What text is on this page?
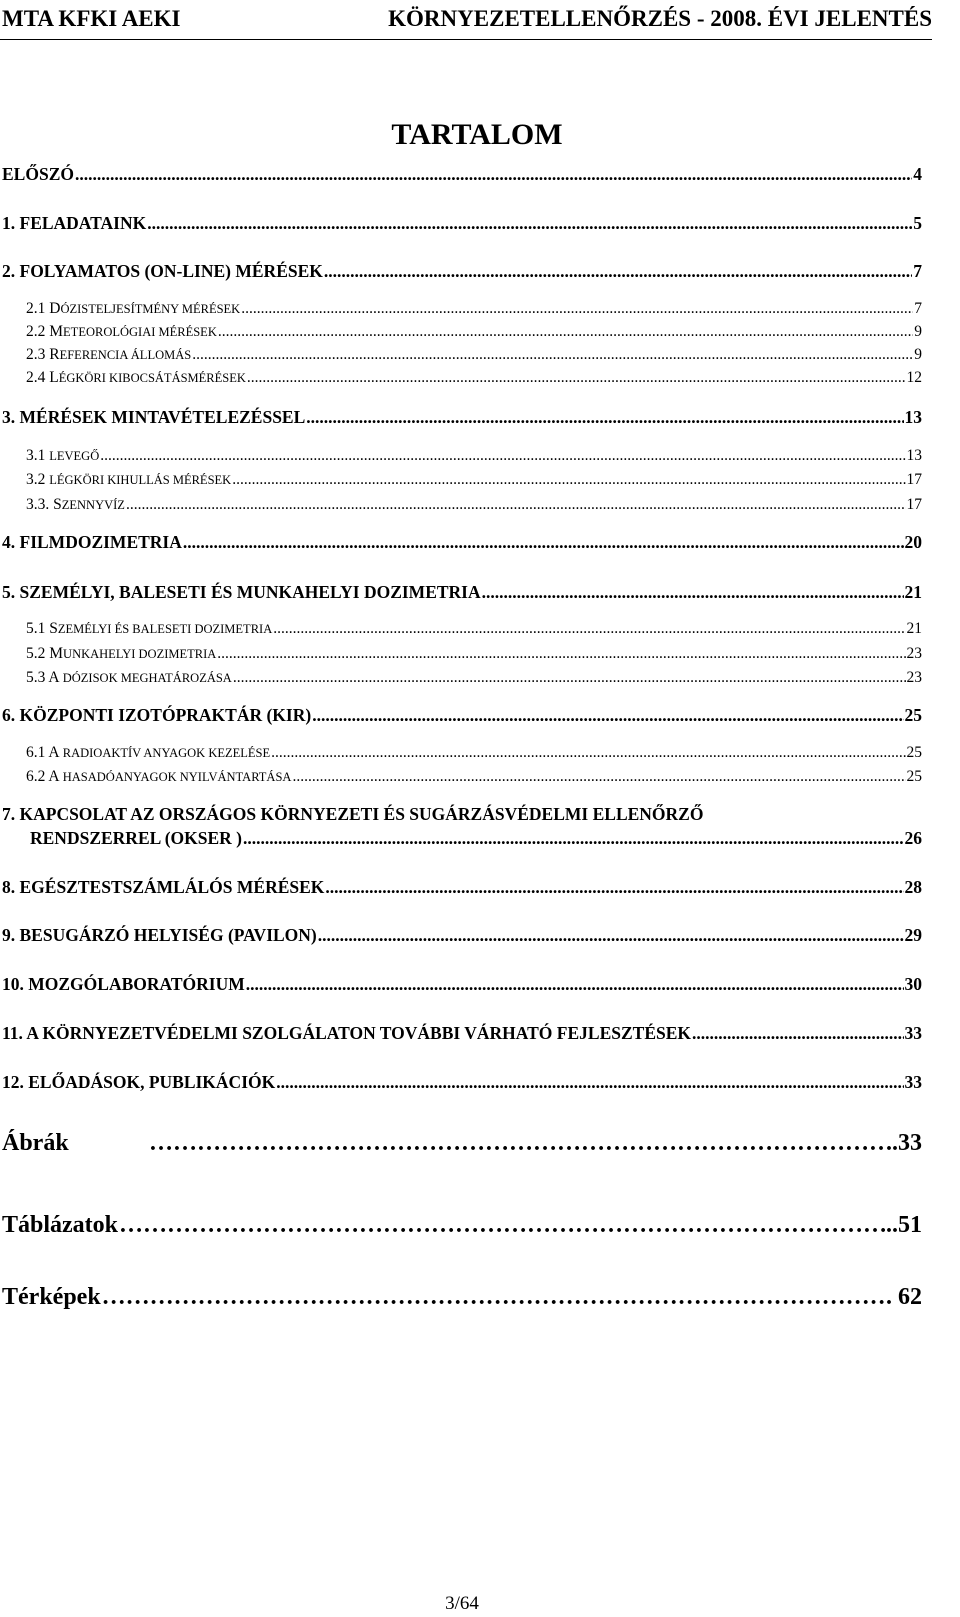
MTA KFKI AEKI	KÖRNYEZETELLENŐRZÉS - 2008. ÉVI JELENTÉS
TARTALOM
ELŐSZÓ .....	4
1. FELADATAINK .....	5
2. FOLYAMATOS (ON-LINE) MÉRÉSEK .....	7
2.1 DÓZISTELJESÍTMÉNY MÉRÉSEK .....	7
2.2 METEOROLÓGIAI MÉRÉSEK .....	9
2.3 REFERENCIA ÁLLOMÁS .....	9
2.4 LÉGKÖRI KIBOCSÁTÁSMÉRÉSEK .....	12
3. MÉRÉSEK MINTAVÉTELEZÉSSEL .....	13
3.1 LEVEGŐ .....	13
3.2 LÉGKÖRI KIHULLÁS MÉRÉSEK .....	17
3.3. SZENNYVÍZ .....	17
4. FILMDOZIMETRIA .....	20
5. SZEMÉLYI, BALESETI ÉS MUNKAHELYI DOZIMETRIA .....	21
5.1 SZEMÉLYI ÉS BALESETI DOZIMETRIA .....	21
5.2 MUNKAHELYI DOZIMETRIA .....	23
5.3 A DÓZISOK MEGHATÁROZÁSA .....	23
6. KÖZPONTI IZOTÓPRAKTÁR (KIR) .....	25
6.1 A RADIOAKTÍV ANYAGOK KEZELÉSE .....	25
6.2 A HASADÓANYAGOK NYILVÁNTARTÁSA .....	25
7. KAPCSOLAT AZ ORSZÁGOS KÖRNYEZETI ÉS SUGÁRZÁSVÉDELMI ELLENŐRZŐ
RENDSZERREL (OKSER ) .....	26
8. EGÉSZTESTSZÁMLÁLÓS MÉRÉSEK .....	28
9. BESUGÁRZÓ HELYISÉG (PAVILON) .....	29
10. MOZGÓLABORATÓRIUM .....	30
11. A KÖRNYEZETVÉDELMI SZOLGÁLATON TOVÁBBI VÁRHATÓ FEJLESZTÉSEK .....	33
12. ELŐADÁSOK, PUBLIKÁCIÓK .....	33
Ábrák …………………………………………………………………………………………………………………………………………	..33
Táblázatok …………………………………………………………………………………………………………………………………………	..51
Térképek …………………………………………………………………………………………………………………………………………	. 62
3/64
